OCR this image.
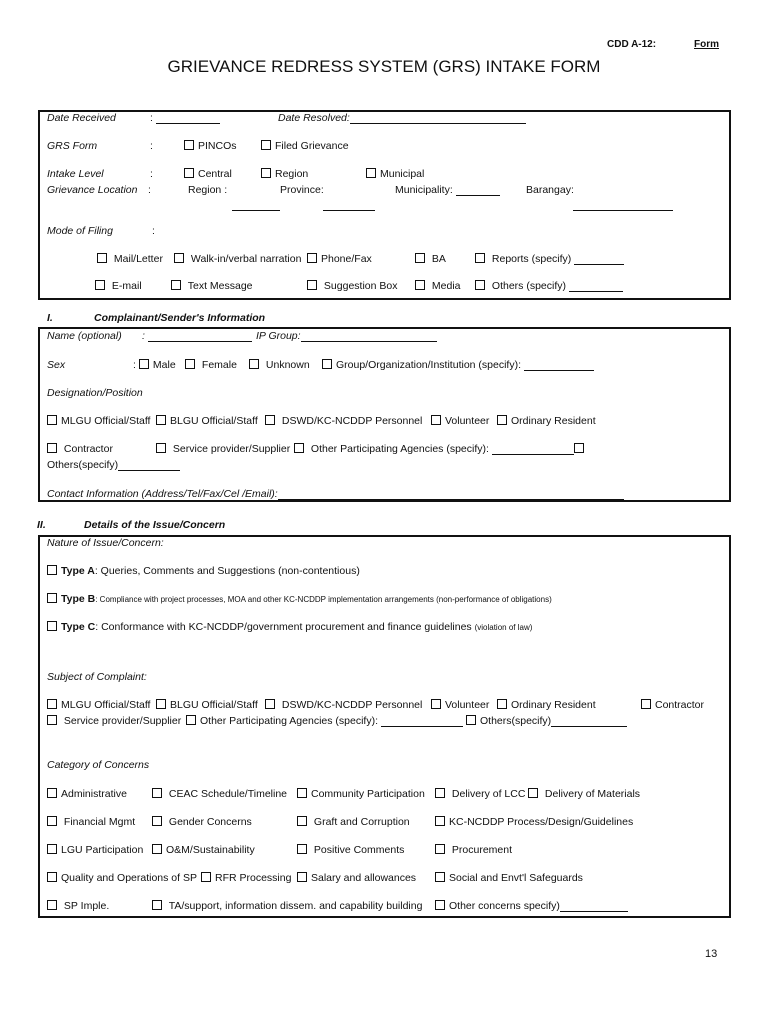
CDD A-12:	Form
GRIEVANCE REDRESS SYSTEM (GRS) INTAKE FORM
Date Received	:	Date Resolved:
GRS Form	:	PINCOs	Filed Grievance
Intake Level	:	Central	Region	Municipal
Grievance Location :	Region :	Province:	Municipality:	Barangay:
Mode of Filing	:
Mail/Letter	Walk-in/verbal narration	Phone/Fax	BA	Reports (specify)
E-mail	Text Message	Suggestion Box	Media	Others (specify)
I.	Complainant/Sender's Information
Name (optional) :	IP Group:
Sex	: Male	Female	Unknown	Group/Organization/Institution (specify):
Designation/Position
MLGU Official/Staff	BLGU Official/Staff	DSWD/KC-NCDDP Personnel	Volunteer	Ordinary Resident
Contractor	Service provider/Supplier	Other Participating Agencies (specify):
Others(specify)
Contact Information (Address/Tel/Fax/Cel /Email):
II.	Details of the Issue/Concern
Nature of Issue/Concern:
Type A: Queries, Comments and Suggestions (non-contentious)
Type B: Compliance with project processes, MOA and other KC-NCDDP implementation arrangements (non-performance of obligations)
Type C: Conformance with KC-NCDDP/government procurement and finance guidelines (violation of law)
Subject of Complaint:
MLGU Official/Staff	BLGU Official/Staff	DSWD/KC-NCDDP Personnel	Volunteer	Ordinary Resident	Contractor
Service provider/Supplier	Other Participating Agencies (specify):	Others(specify)
Category of Concerns
Administrative	CEAC Schedule/Timeline	Community Participation	Delivery of LCC	Delivery of Materials
Financial Mgmt	Gender Concerns	Graft and Corruption	KC-NCDDP Process/Design/Guidelines
LGU Participation	O&M/Sustainability	Positive Comments	Procurement
Quality and Operations of SP	RFR Processing	Salary and allowances	Social and Envt'l Safeguards
SP Imple.	TA/support, information dissem. and capability building	Other concerns specify)
13
